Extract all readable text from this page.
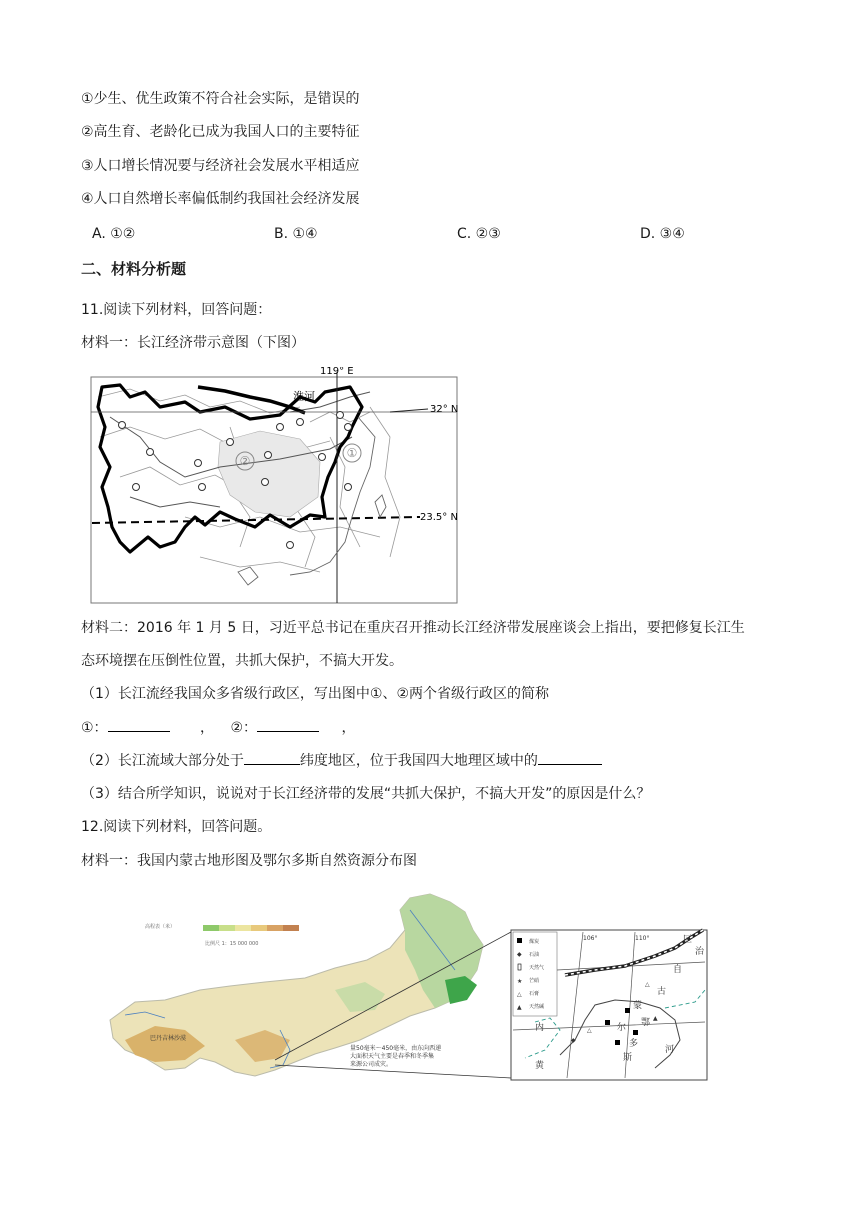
①少生、优生政策不符合社会实际，是错误的
②高生育、老龄化已成为我国人口的主要特征
③人口增长情况要与经济社会发展水平相适应
④人口自然增长率偏低制约我国社会经济发展
A. ①②	B. ①④	C. ②③	D. ③④
二、材料分析题
11.阅读下列材料，回答问题：
材料一：长江经济带示意图（下图）
①
②
119° E
32° N
23.5° N
淮河
材料二：2016 年 1 月 5 日，习近平总书记在重庆召开推动长江经济带发展座谈会上指出，要把修复长江生
态环境摆在压倒性位置，共抓大保护，不搞大开发。
（1）长江流经我国众多省级行政区，写出图中①、②两个省级行政区的简称
①：	， ②：	，
（2）长江流域大部分处于	纬度地区，位于我国四大地理区域中的
（3）结合所学知识，说说对于长江经济带的发展“共抓大保护，不搞大开发”的原因是什么？
12.阅读下列材料，回答问题。
材料一：我国内蒙古地形图及鄂尔多斯自然资源分布图
高程表（米）
比例尺 1：15 000 000
巴丹吉林沙漠
量50毫米～450毫米，由东向西递
大面积天气主要是春季和冬季集
来源公司成灾。
煤炭
◆ 石油
天然气
★ 芒硝
△ 石膏
▲ 天然碱
106°	110°
△
▲
◆
△
内
蒙
古
自
治
区
鄂
尔
多
斯
黄
河
